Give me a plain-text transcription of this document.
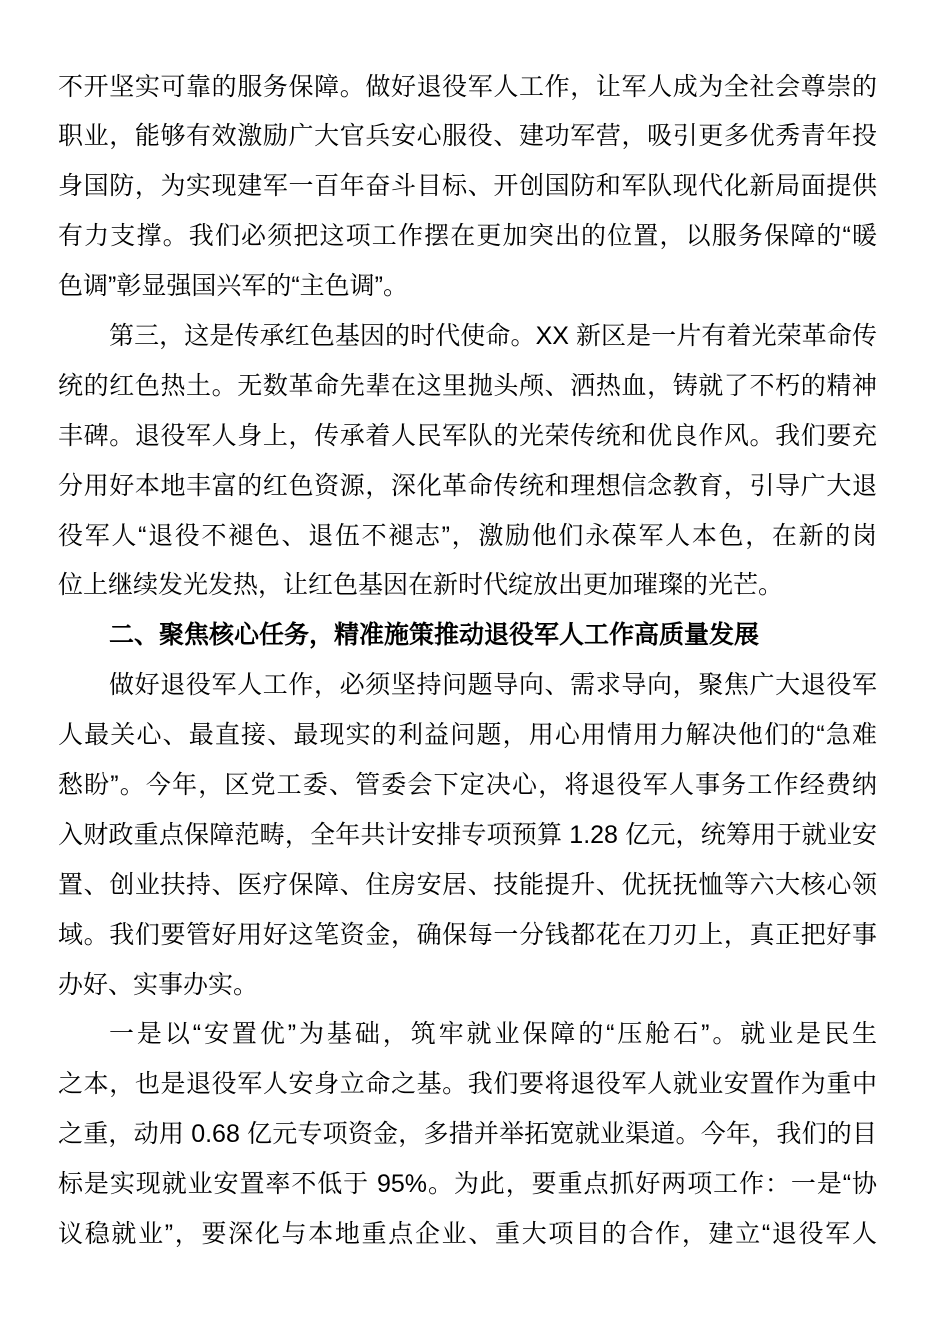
不开坚实可靠的服务保障。做好退役军人工作，让军人成为全社会尊崇的
职业，能够有效激励广大官兵安心服役、建功军营，吸引更多优秀青年投
身国防，为实现建军一百年奋斗目标、开创国防和军队现代化新局面提供
有力支撑。我们必须把这项工作摆在更加突出的位置，以服务保障的“暖
色调”彰显强国兴军的“主色调”。
第三，这是传承红色基因的时代使命。XX 新区是一片有着光荣革命传
统的红色热土。无数革命先辈在这里抛头颅、洒热血，铸就了不朽的精神
丰碑。退役军人身上，传承着人民军队的光荣传统和优良作风。我们要充
分用好本地丰富的红色资源，深化革命传统和理想信念教育，引导广大退
役军人“退役不褪色、退伍不褪志”，激励他们永葆军人本色，在新的岗
位上继续发光发热，让红色基因在新时代绽放出更加璀璨的光芒。
二、聚焦核心任务，精准施策推动退役军人工作高质量发展
做好退役军人工作，必须坚持问题导向、需求导向，聚焦广大退役军
人最关心、最直接、最现实的利益问题，用心用情用力解决他们的“急难
愁盼”。今年，区党工委、管委会下定决心，将退役军人事务工作经费纳
入财政重点保障范畴，全年共计安排专项预算 1.28 亿元，统筹用于就业安
置、创业扶持、医疗保障、住房安居、技能提升、优抚抚恤等六大核心领
域。我们要管好用好这笔资金，确保每一分钱都花在刀刃上，真正把好事
办好、实事办实。
一是以“安置优”为基础，筑牢就业保障的“压舱石”。就业是民生
之本，也是退役军人安身立命之基。我们要将退役军人就业安置作为重中
之重，动用 0.68 亿元专项资金，多措并举拓宽就业渠道。今年，我们的目
标是实现就业安置率不低于 95%。为此，要重点抓好两项工作：一是“协
议稳就业”，要深化与本地重点企业、重大项目的合作，建立“退役军人
